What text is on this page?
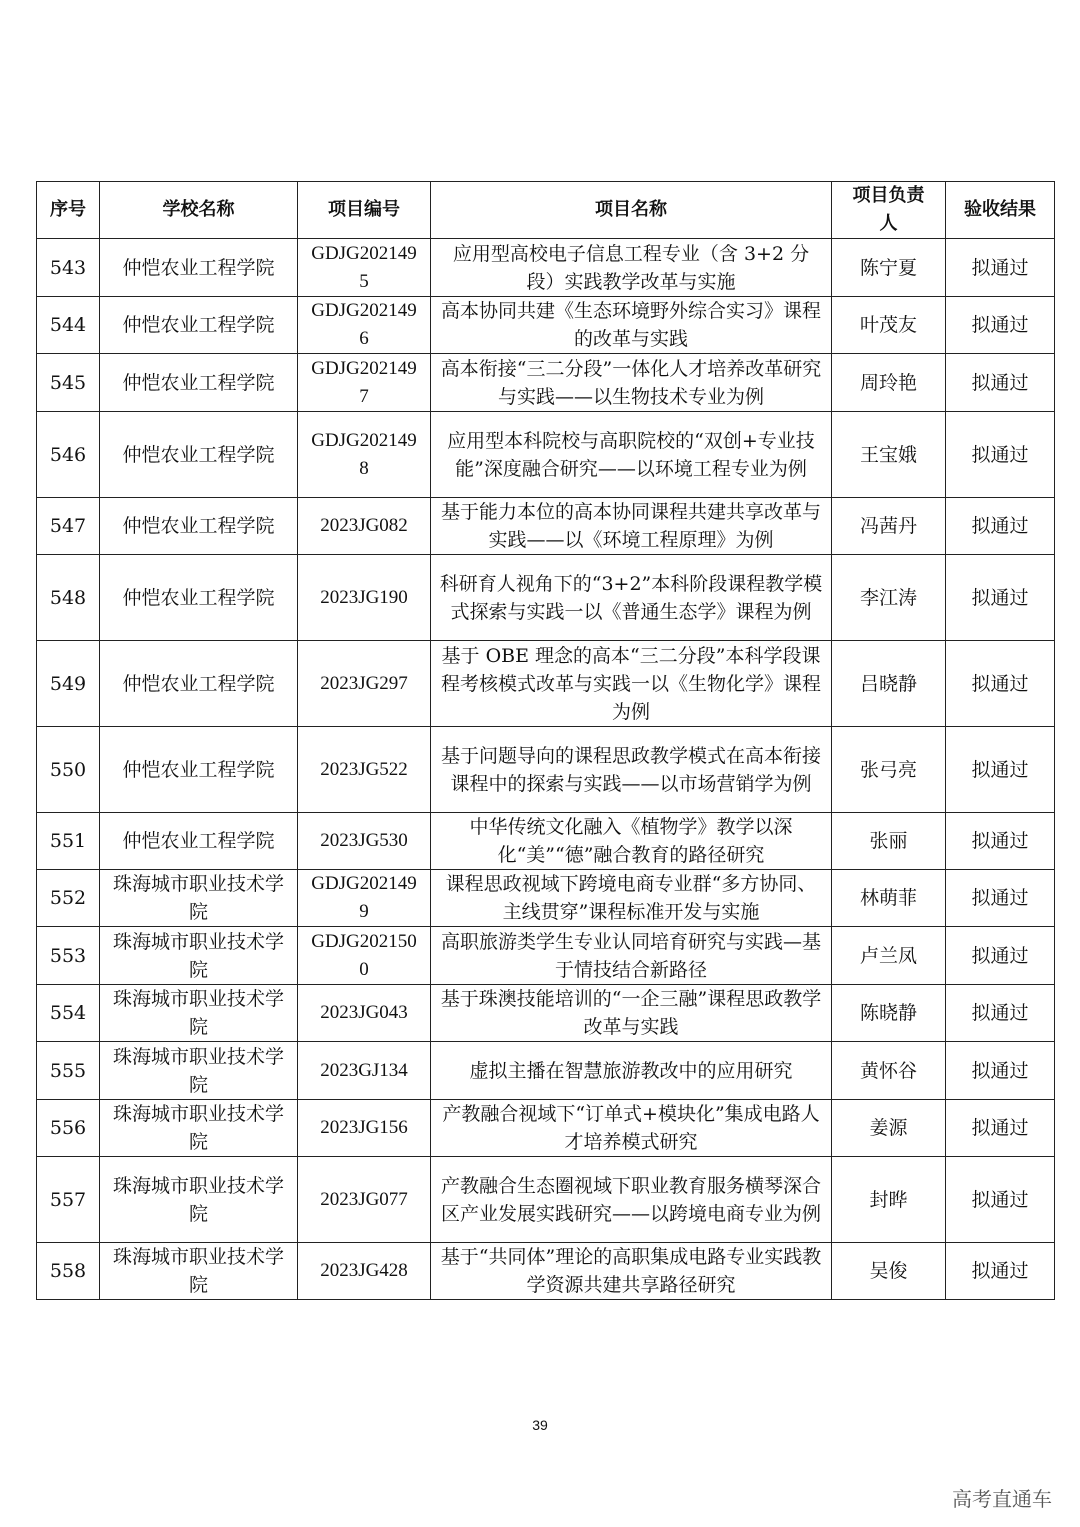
序号	学校名称	项目编号	项目名称	项目负责人	验收结果
543	仲恺农业工程学院	GDJG2021495	应用型高校电子信息工程专业（含 3+2 分段）实践教学改革与实施	陈宁夏	拟通过
544	仲恺农业工程学院	GDJG2021496	高本协同共建《生态环境野外综合实习》课程的改革与实践	叶茂友	拟通过
545	仲恺农业工程学院	GDJG2021497	高本衔接“三二分段”一体化人才培养改革研究与实践——以生物技术专业为例	周玲艳	拟通过
546	仲恺农业工程学院	GDJG2021498	应用型本科院校与高职院校的“双创+专业技能”深度融合研究——以环境工程专业为例	王宝娥	拟通过
547	仲恺农业工程学院	2023JG082	基于能力本位的高本协同课程共建共享改革与实践——以《环境工程原理》为例	冯茜丹	拟通过
548	仲恺农业工程学院	2023JG190	科研育人视角下的“3+2”本科阶段课程教学模式探索与实践一以《普通生态学》课程为例	李江涛	拟通过
549	仲恺农业工程学院	2023JG297	基于 OBE 理念的高本“三二分段”本科学段课程考核模式改革与实践一以《生物化学》课程为例	吕晓静	拟通过
550	仲恺农业工程学院	2023JG522	基于问题导向的课程思政教学模式在高本衔接课程中的探索与实践——以市场营销学为例	张弓亮	拟通过
551	仲恺农业工程学院	2023JG530	中华传统文化融入《植物学》教学以深化“美”“德”融合教育的路径研究	张丽	拟通过
552	珠海城市职业技术学院	GDJG2021499	课程思政视域下跨境电商专业群“多方协同、主线贯穿”课程标准开发与实施	林萌菲	拟通过
553	珠海城市职业技术学院	GDJG2021500	高职旅游类学生专业认同培育研究与实践—基于情技结合新路径	卢兰凤	拟通过
554	珠海城市职业技术学院	2023JG043	基于珠澳技能培训的“一企三融”课程思政教学改革与实践	陈晓静	拟通过
555	珠海城市职业技术学院	2023GJ134	虚拟主播在智慧旅游教改中的应用研究	黄怀谷	拟通过
556	珠海城市职业技术学院	2023JG156	产教融合视域下“订单式+模块化”集成电路人才培养模式研究	姜源	拟通过
557	珠海城市职业技术学院	2023JG077	产教融合生态圈视域下职业教育服务横琴深合区产业发展实践研究——以跨境电商专业为例	封晔	拟通过
558	珠海城市职业技术学院	2023JG428	基于“共同体”理论的高职集成电路专业实践教学资源共建共享路径研究	吴俊	拟通过
39
高考直通车
